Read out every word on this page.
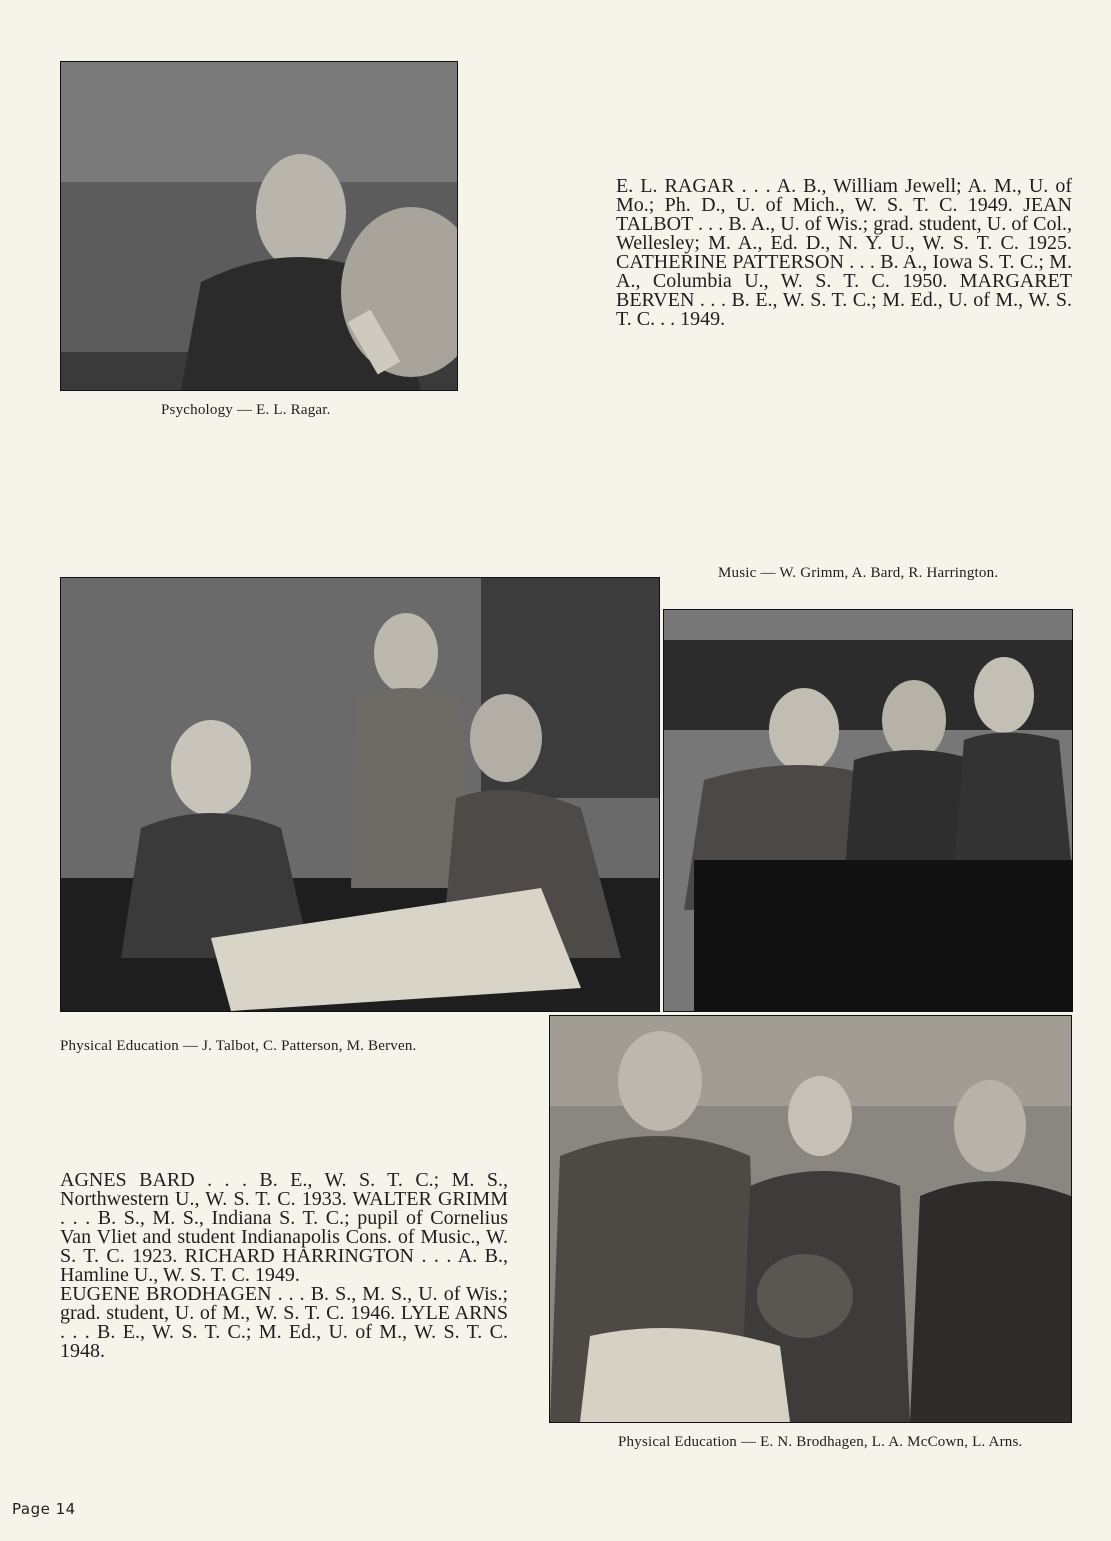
Psychology — E. L. Ragar.

E. L. RAGAR . . . A. B., William Jewell; A. M., U. of Mo.; Ph. D., U. of Mich., W. S. T. C. 1949. JEAN TALBOT . . . B. A., U. of Wis.; grad. student, U. of Col., Wellesley; M. A., Ed. D., N. Y. U., W. S. T. C. 1925. CATHERINE PATTERSON . . . B. A., Iowa S. T. C.; M. A., Columbia U., W. S. T. C. 1950. MARGARET BERVEN . . . B. E., W. S. T. C.; M. Ed., U. of M., W. S. T. C. . . 1949.

Music — W. Grimm, A. Bard, R. Harrington.
Physical Education — J. Talbot, C. Patterson, M. Berven.

AGNES BARD . . . B. E., W. S. T. C.; M. S., Northwestern U., W. S. T. C. 1933. WALTER GRIMM . . . B. S., M. S., Indiana S. T. C.; pupil of Cornelius Van Vliet and student Indianapolis Cons. of Music., W. S. T. C. 1923. RICHARD HARRINGTON . . . A. B., Hamline U., W. S. T. C. 1949.

EUGENE BRODHAGEN . . . B. S., M. S., U. of Wis.; grad. student, U. of M., W. S. T. C. 1946. LYLE ARNS . . . B. E., W. S. T. C.; M. Ed., U. of M., W. S. T. C. 1948.

Physical Education — E. N. Brodhagen, L. A. McCown, L. Arns.
Page 14
